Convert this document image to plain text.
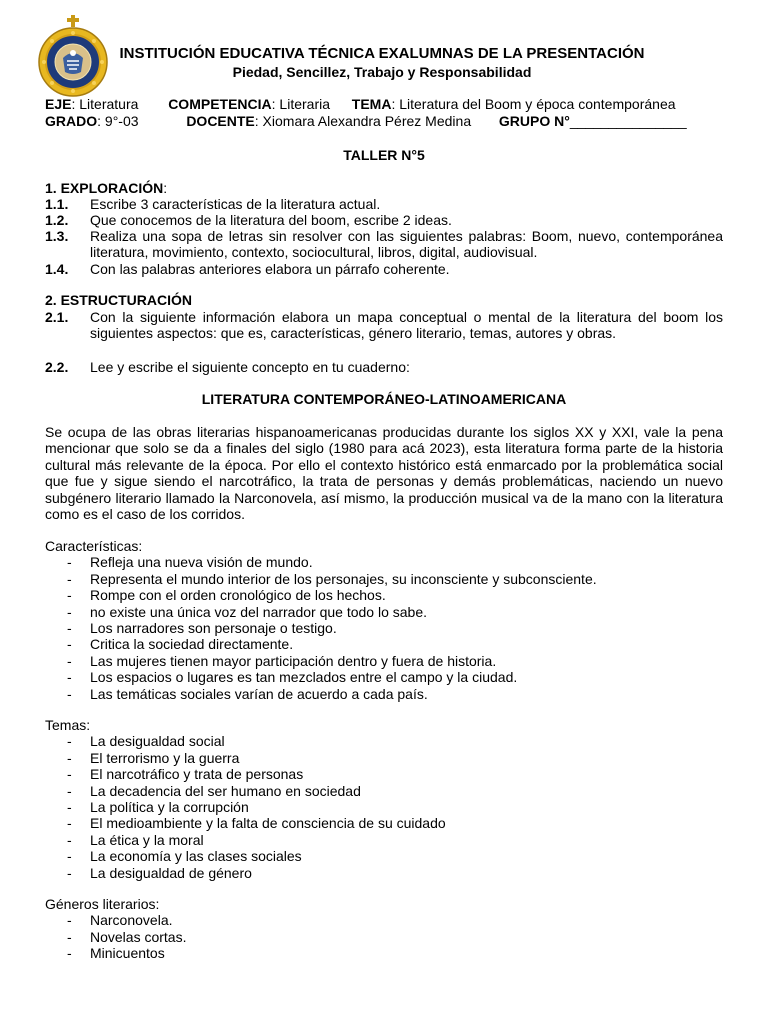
INSTITUCIÓN EDUCATIVA TÉCNICA EXALUMNAS DE LA PRESENTACIÓN
Piedad, Sencillez, Trabajo y Responsabilidad
EJE: Literatura COMPETENCIA: Literaria TEMA: Literatura del Boom y época contemporánea
GRADO: 9°-03	DOCENTE: Xiomara Alexandra Pérez Medina GRUPO N°_______________
TALLER N°5
1. EXPLORACIÓN:
1.1. Escribe 3 características de la literatura actual.
1.2. Que conocemos de la literatura del boom, escribe 2 ideas.
1.3. Realiza una sopa de letras sin resolver con las siguientes palabras: Boom, nuevo, contemporánea literatura, movimiento, contexto, sociocultural, libros, digital, audiovisual.
1.4. Con las palabras anteriores elabora un párrafo coherente.
2. ESTRUCTURACIÓN
2.1. Con la siguiente información elabora un mapa conceptual o mental de la literatura del boom los siguientes aspectos: que es, características, género literario, temas, autores y obras.
2.2. Lee y escribe el siguiente concepto en tu cuaderno:
LITERATURA CONTEMPORÁNEO-LATINOAMERICANA
Se ocupa de las obras literarias hispanoamericanas producidas durante los siglos XX y XXI, vale la pena mencionar que solo se da a finales del siglo (1980 para acá 2023), esta literatura forma parte de la historia cultural más relevante de la época. Por ello el contexto histórico está enmarcado por la problemática social que fue y sigue siendo el narcotráfico, la trata de personas y demás problemáticas, naciendo un nuevo subgénero literario llamado la Narconovela, así mismo, la producción musical va de la mano con la literatura como es el caso de los corridos.
Características:
- Refleja una nueva visión de mundo.
- Representa el mundo interior de los personajes, su inconsciente y subconsciente.
- Rompe con el orden cronológico de los hechos.
- no existe una única voz del narrador que todo lo sabe.
- Los narradores son personaje o testigo.
- Critica la sociedad directamente.
- Las mujeres tienen mayor participación dentro y fuera de historia.
- Los espacios o lugares es tan mezclados entre el campo y la ciudad.
- Las temáticas sociales varían de acuerdo a cada país.
Temas:
- La desigualdad social
- El terrorismo y la guerra
- El narcotráfico y trata de personas
- La decadencia del ser humano en sociedad
- La política y la corrupción
- El medioambiente y la falta de consciencia de su cuidado
- La ética y la moral
- La economía y las clases sociales
- La desigualdad de género
Géneros literarios:
- Narconovela.
- Novelas cortas.
- Minicuentos
